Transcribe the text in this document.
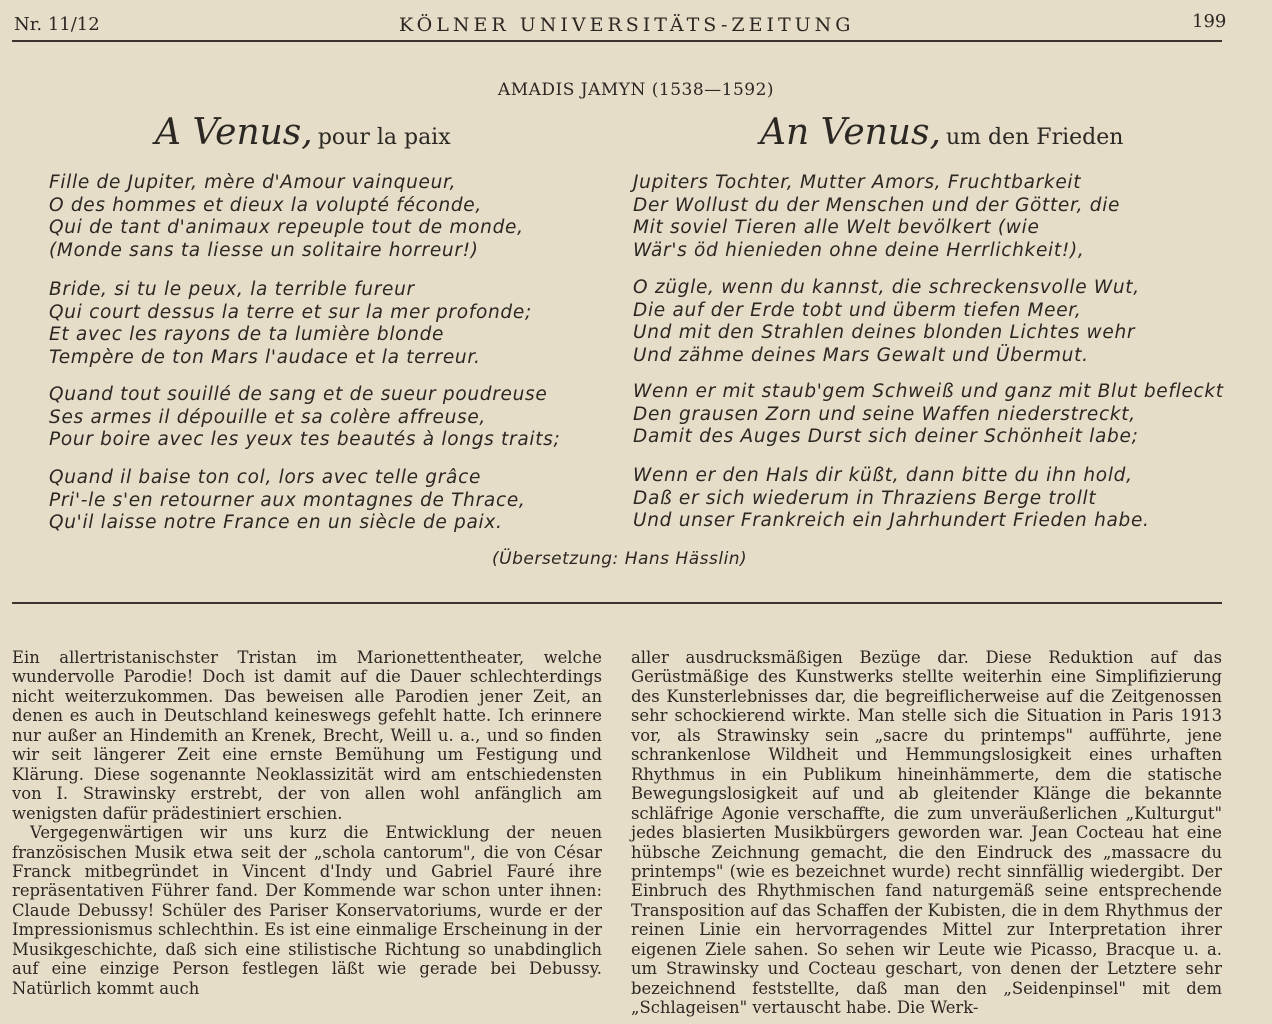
Nr. 11/12	KÖLNER UNIVERSITÄTS-ZEITUNG	199
AMADIS JAMYN (1538—1592)
A Venus, pour la paix	An Venus, um den Frieden
Fille de Jupiter, mère d'Amour vainqueur,
O des hommes et dieux la volupté féconde,
Qui de tant d'animaux repeuple tout de monde,
(Monde sans ta liesse un solitaire horreur!)
Bride, si tu le peux, la terrible fureur
Qui court dessus la terre et sur la mer profonde;
Et avec les rayons de ta lumière blonde
Tempère de ton Mars l'audace et la terreur.
Quand tout souillé de sang et de sueur poudreuse
Ses armes il dépouille et sa colère affreuse,
Pour boire avec les yeux tes beautés à longs traits;
Quand il baise ton col, lors avec telle grâce
Pri'-le s'en retourner aux montagnes de Thrace,
Qu'il laisse notre France en un siècle de paix.
Jupiters Tochter, Mutter Amors, Fruchtbarkeit
Der Wollust du der Menschen und der Götter, die
Mit soviel Tieren alle Welt bevölkert (wie
Wär's öd hienieden ohne deine Herrlichkeit!),
O zügle, wenn du kannst, die schreckensvolle Wut,
Die auf der Erde tobt und überm tiefen Meer,
Und mit den Strahlen deines blonden Lichtes wehr
Und zähme deines Mars Gewalt und Übermut.
Wenn er mit staub'gem Schweiß und ganz mit Blut befleckt
Den grausen Zorn und seine Waffen niederstreckt,
Damit des Auges Durst sich deiner Schönheit labe;
Wenn er den Hals dir küßt, dann bitte du ihn hold,
Daß er sich wiederum in Thraziens Berge trollt
Und unser Frankreich ein Jahrhundert Frieden habe.
(Übersetzung: Hans Hässlin)

Ein allertristanischster Tristan im Marionettentheater, welche wundervolle Parodie! Doch ist damit auf die Dauer schlechterdings nicht weiterzukommen. Das beweisen alle Parodien jener Zeit, an denen es auch in Deutschland keineswegs gefehlt hatte. Ich erinnere nur außer an Hindemith an Krenek, Brecht, Weill u. a., und so finden wir seit längerer Zeit eine ernste Bemühung um Festigung und Klärung. Diese sogenannte Neoklassizität wird am entschiedensten von I. Strawinsky erstrebt, der von allen wohl anfänglich am wenigsten dafür prädestiniert erschien.

Vergegenwärtigen wir uns kurz die Entwicklung der neuen französischen Musik etwa seit der „schola cantorum", die von César Franck mitbegründet in Vincent d'Indy und Gabriel Fauré ihre repräsentativen Führer fand. Der Kommende war schon unter ihnen: Claude Debussy! Schüler des Pariser Konservatoriums, wurde er der Impressionismus schlechthin. Es ist eine einmalige Erscheinung in der Musikgeschichte, daß sich eine stilistische Richtung so unabdinglich auf eine einzige Person festlegen läßt wie gerade bei Debussy. Natürlich kommt auch

aller ausdrucksmäßigen Bezüge dar. Diese Reduktion auf das Gerüstmäßige des Kunstwerks stellte weiterhin eine Simplifizierung des Kunsterlebnisses dar, die begreiflicherweise auf die Zeitgenossen sehr schockierend wirkte. Man stelle sich die Situation in Paris 1913 vor, als Strawinsky sein „sacre du printemps" aufführte, jene schrankenlose Wildheit und Hemmungslosigkeit eines urhaften Rhythmus in ein Publikum hineinhämmerte, dem die statische Bewegungslosigkeit auf und ab gleitender Klänge die bekannte schläfrige Agonie verschaffte, die zum unveräußerlichen „Kulturgut" jedes blasierten Musikbürgers geworden war. Jean Cocteau hat eine hübsche Zeichnung gemacht, die den Eindruck des „massacre du printemps" (wie es bezeichnet wurde) recht sinnfällig wiedergibt. Der Einbruch des Rhythmischen fand naturgemäß seine entsprechende Transposition auf das Schaffen der Kubisten, die in dem Rhythmus der reinen Linie ein hervorragendes Mittel zur Interpretation ihrer eigenen Ziele sahen. So sehen wir Leute wie Picasso, Bracque u. a. um Strawinsky und Cocteau geschart, von denen der Letztere sehr bezeichnend feststellte, daß man den „Seidenpinsel" mit dem „Schlageisen" vertauscht habe. Die Werk-
